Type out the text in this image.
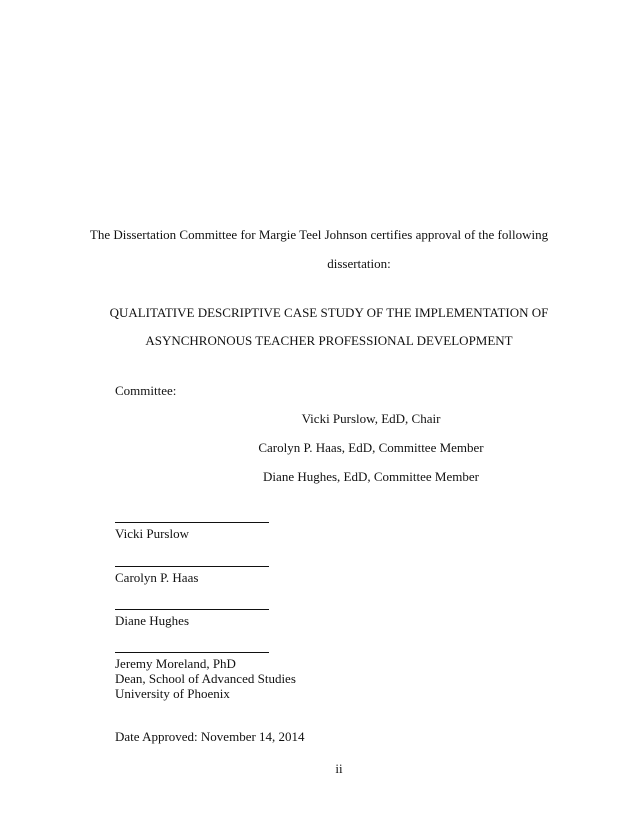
The Dissertation Committee for Margie Teel Johnson certifies approval of the following
dissertation:
QUALITATIVE DESCRIPTIVE CASE STUDY OF THE IMPLEMENTATION OF
ASYNCHRONOUS TEACHER PROFESSIONAL DEVELOPMENT
Committee:
Vicki Purslow, EdD, Chair
Carolyn P. Haas, EdD, Committee Member
Diane Hughes, EdD, Committee Member
Vicki Purslow
Carolyn P. Haas
Diane Hughes
Jeremy Moreland, PhD
Dean, School of Advanced Studies
University of Phoenix
Date Approved: November 14, 2014
ii
